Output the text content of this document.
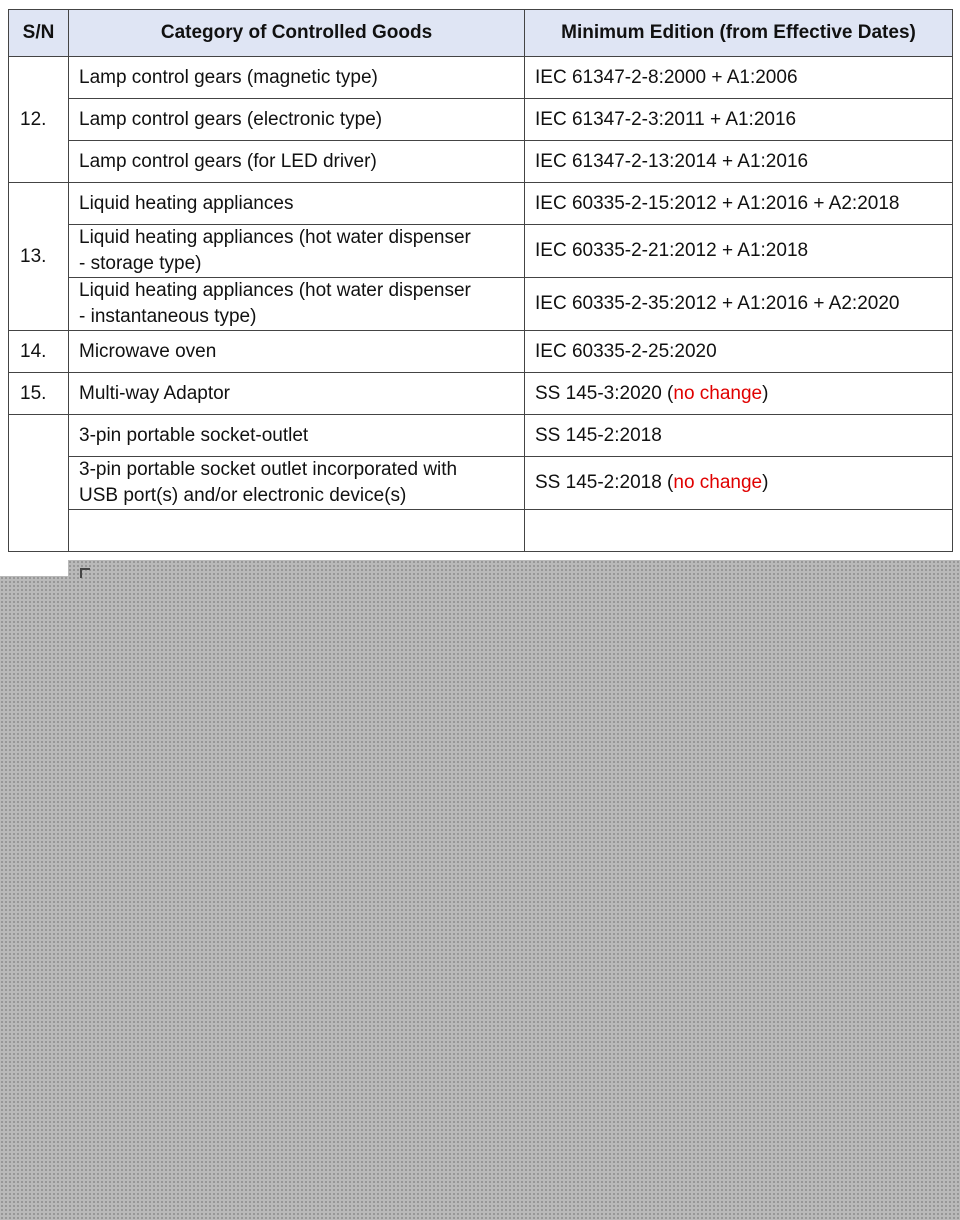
S/N	Category of Controlled Goods	Minimum Edition (from Effective Dates)
12.	Lamp control gears (magnetic type)	IEC 61347-2-8:2000 + A1:2006
	Lamp control gears (electronic type)	IEC 61347-2-3:2011 + A1:2016
	Lamp control gears (for LED driver)	IEC 61347-2-13:2014 + A1:2016
13.	Liquid heating appliances	IEC 60335-2-15:2012 + A1:2016 + A2:2018
	Liquid heating appliances (hot water dispenser
- storage type)	IEC 60335-2-21:2012 + A1:2018
	Liquid heating appliances (hot water dispenser
- instantaneous type)	IEC 60335-2-35:2012 + A1:2016 + A2:2020
14.	Microwave oven	IEC 60335-2-25:2020
15.	Multi-way Adaptor	SS 145-3:2020 (no change)
	3-pin portable socket-outlet	SS 145-2:2018
	3-pin portable socket outlet incorporated with
USB port(s) and/or electronic device(s)	SS 145-2:2018 (no change)
